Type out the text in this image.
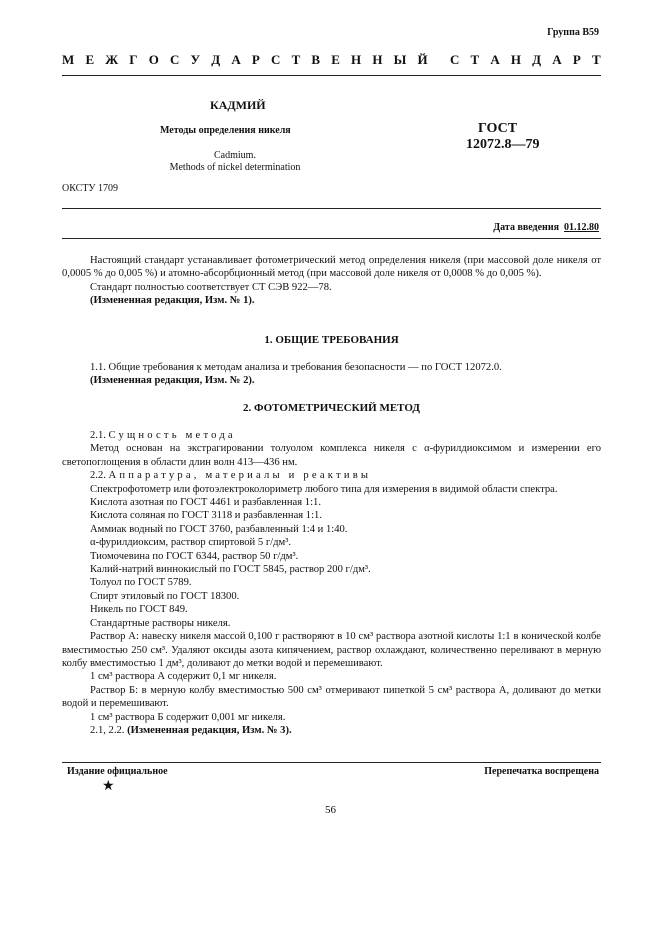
Группа В59
М Е Ж Г О С У Д А Р С Т В Е Н Н Ы Й С Т А Н Д А Р Т
КАДМИЙ
Методы определения никеля
Cadmium.
Methods of nickel determination
ГОСТ
12072.8—79
ОКСТУ 1709
Дата введения 01.12.80

Настоящий стандарт устанавливает фотометрический метод определения никеля (при массовой доле никеля от 0,0005 % до 0,005 %) и атомно-абсорбционный метод (при массовой доле никеля от 0,0008 % до 0,005 %).

Стандарт полностью соответствует СТ СЭВ 922—78.

(Измененная редакция, Изм. № 1).

1. ОБЩИЕ ТРЕБОВАНИЯ

1.1. Общие требования к методам анализа и требования безопасности — по ГОСТ 12072.0.

(Измененная редакция, Изм. № 2).

2. ФОТОМЕТРИЧЕСКИЙ МЕТОД

2.1. Сущность метода

Метод основан на экстрагировании толуолом комплекса никеля с α-фурилдиоксимом и измерении его светопоглощения в области длин волн 413—436 нм.

2.2. Аппаратура, материалы и реактивы

Спектрофотометр или фотоэлектроколориметр любого типа для измерения в видимой области спектра.

Кислота азотная по ГОСТ 4461 и разбавленная 1:1.

Кислота соляная по ГОСТ 3118 и разбавленная 1:1.

Аммиак водный по ГОСТ 3760, разбавленный 1:4 и 1:40.

α-фурилдиоксим, раствор спиртовой 5 г/дм³.

Тиомочевина по ГОСТ 6344, раствор 50 г/дм³.

Калий-натрий виннокислый по ГОСТ 5845, раствор 200 г/дм³.

Толуол по ГОСТ 5789.

Спирт этиловый по ГОСТ 18300.

Никель по ГОСТ 849.

Стандартные растворы никеля.

Раствор А: навеску никеля массой 0,100 г растворяют в 10 см³ раствора азотной кислоты 1:1 в конической колбе вместимостью 250 см³. Удаляют оксиды азота кипячением, раствор охлаждают, количественно переливают в мерную колбу вместимостью 1 дм³, доливают до метки водой и перемешивают.

1 см³ раствора А содержит 0,1 мг никеля.

Раствор Б: в мерную колбу вместимостью 500 см³ отмеривают пипеткой 5 см³ раствора А, доливают до метки водой и перемешивают.

1 см³ раствора Б содержит 0,001 мг никеля.

2.1, 2.2. (Измененная редакция, Изм. № 3).

Издание официальное	Перепечатка воспрещена
★
56
